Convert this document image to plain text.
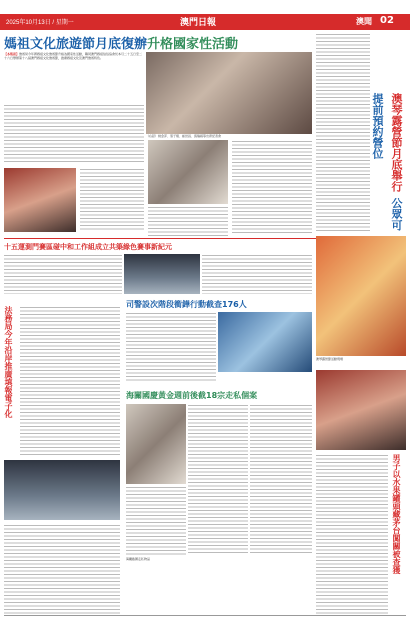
2025年10月13日 / 星期一	澳門日報	澳聞 02
媽祖文化旅遊節月底復辦升格國家性活動
【本報訊】旅遊局今年將媽祖文化旅遊節升格為國家性活動，聯同澳門媽祖信俗協會於本月二十五日至二十六日舉辦第十八屆澳門媽祖文化旅遊節，推廣媽祖文化及澳門旅遊特色。
（右起）姚金萍、蔡子翔、崔世昌、張瑞娟等出席記者會	澳琴露營節月底舉行 公眾可提前預約營位
十五運測門賽區碰中和工作組成立共築綠色賽事新紀元
澳琴露營節活動現場
司警設次階段衝鏵行動截查176人
法務局今年沿岸推廣填報電子化	海關國慶黃金週前後截18宗走私個案
海關截獲走私物品	男子以水果罐頭藏茅台闖關被查獲
